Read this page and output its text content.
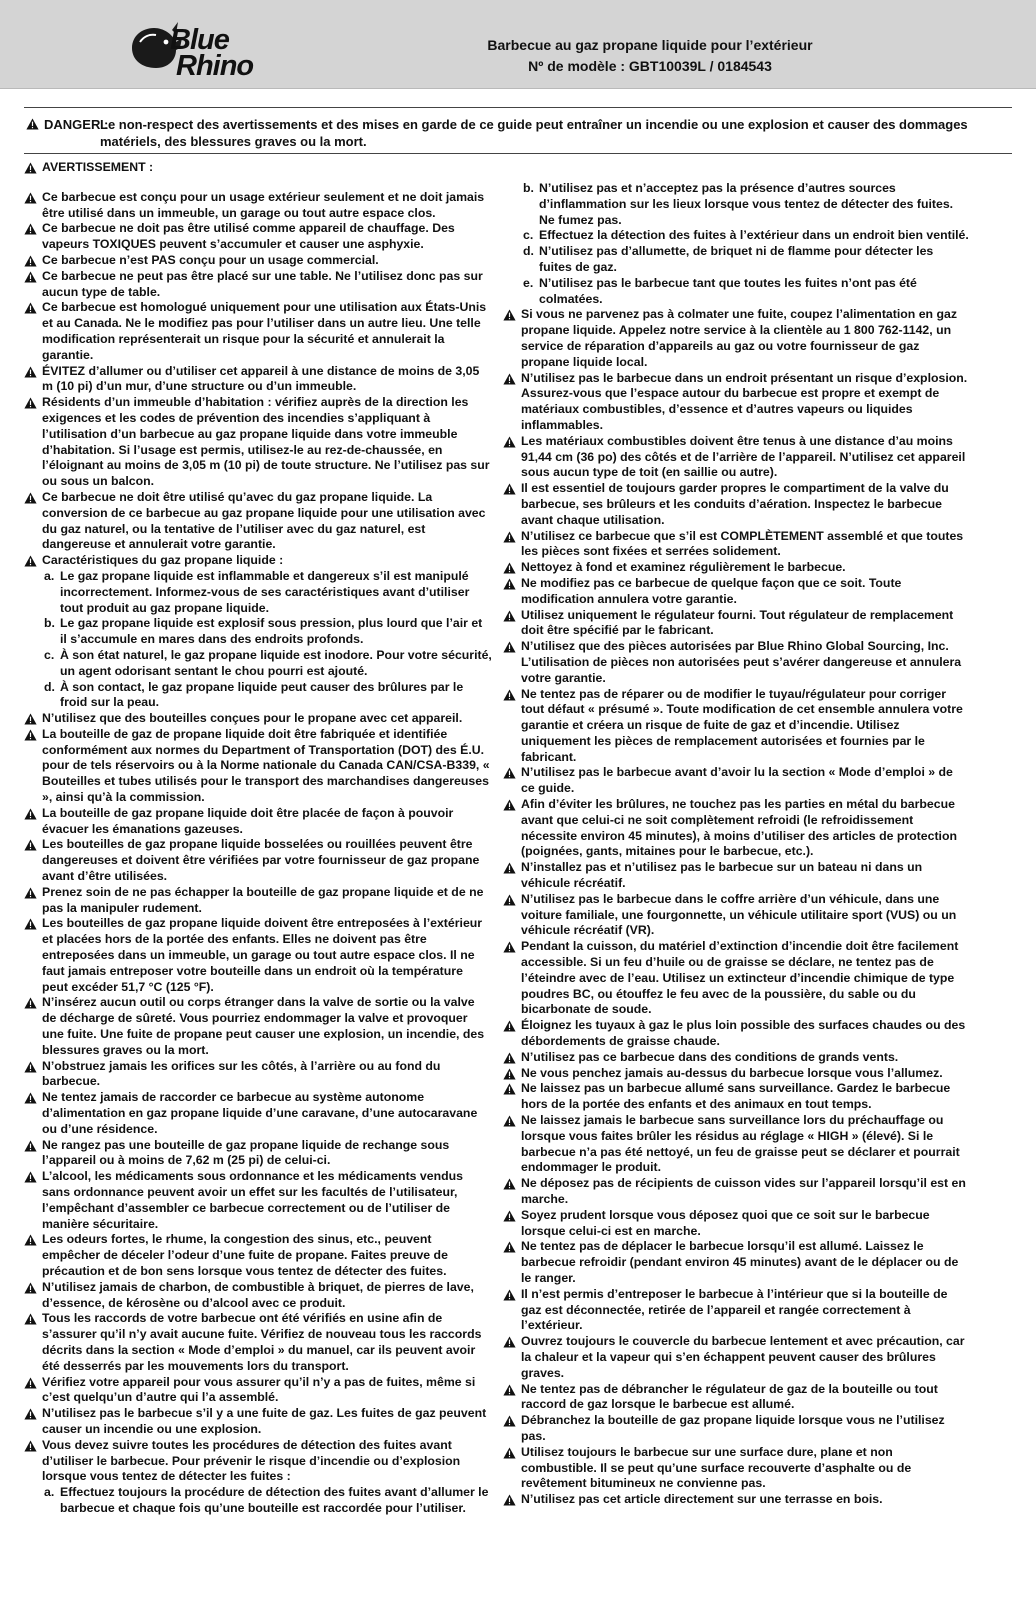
Blue
Rhino
Barbecue au gaz propane liquide pour l’extérieur
Nº de modèle : GBT10039L / 0184543
DANGER :
Le non-respect des avertissements et des mises en garde de ce guide peut entraîner un incendie ou une explosion et causer des dommages matériels, des blessures graves ou la mort.
AVERTISSEMENT :

Ce barbecue est conçu pour un usage extérieur seulement et ne doit jamais être utilisé dans un immeuble, un garage ou tout autre espace clos.

Ce barbecue ne doit pas être utilisé comme appareil de chauffage. Des vapeurs TOXIQUES peuvent s’accumuler et causer une asphyxie.

Ce barbecue n’est PAS conçu pour un usage commercial.

Ce barbecue ne peut pas être placé sur une table. Ne l’utilisez donc pas sur aucun type de table.

Ce barbecue est homologué uniquement pour une utilisation aux États-Unis et au Canada. Ne le modifiez pas pour l’utiliser dans un autre lieu. Une telle modification représenterait un risque pour la sécurité et annulerait la garantie.

ÉVITEZ d’allumer ou d’utiliser cet appareil à une distance de moins de 3,05 m (10 pi) d’un mur, d’une structure ou d’un immeuble.

Résidents d’un immeuble d’habitation : vérifiez auprès de la direction les exigences et les codes de prévention des incendies s’appliquant à l’utilisation d’un barbecue au gaz propane liquide dans votre immeuble d’habitation. Si l’usage est permis, utilisez-le au rez-de-chaussée, en l’éloignant au moins de 3,05 m (10 pi) de toute structure. Ne l’utilisez pas sur ou sous un balcon.

Ce barbecue ne doit être utilisé qu’avec du gaz propane liquide. La conversion de ce barbecue au gaz propane liquide pour une utilisation avec du gaz naturel, ou la tentative de l’utiliser avec du gaz naturel, est dangereuse et annulerait votre garantie.

Caractéristiques du gaz propane liquide :

a. Le gaz propane liquide est inflammable et dangereux s’il est manipulé incorrectement. Informez-vous de ses caractéristiques avant d’utiliser tout produit au gaz propane liquide.

b. Le gaz propane liquide est explosif sous pression, plus lourd que l’air et il s’accumule en mares dans des endroits profonds.

c. À son état naturel, le gaz propane liquide est inodore. Pour votre sécurité, un agent odorisant sentant le chou pourri est ajouté.

d. À son contact, le gaz propane liquide peut causer des brûlures par le froid sur la peau.

N’utilisez que des bouteilles conçues pour le propane avec cet appareil.

La bouteille de gaz de propane liquide doit être fabriquée et identifiée conformément aux normes du Department of Transportation (DOT) des É.U. pour de tels réservoirs ou à la Norme nationale du Canada CAN/CSA-B339, « Bouteilles et tubes utilisés pour le transport des marchandises dangereuses », ainsi qu’à la commission.

La bouteille de gaz propane liquide doit être placée de façon à pouvoir évacuer les émanations gazeuses.

Les bouteilles de gaz propane liquide bosselées ou rouillées peuvent être dangereuses et doivent être vérifiées par votre fournisseur de gaz propane avant d’être utilisées.

Prenez soin de ne pas échapper la bouteille de gaz propane liquide et de ne pas la manipuler rudement.

Les bouteilles de gaz propane liquide doivent être entreposées à l’extérieur et placées hors de la portée des enfants. Elles ne doivent pas être entreposées dans un immeuble, un garage ou tout autre espace clos. Il ne faut jamais entreposer votre bouteille dans un endroit où la température peut excéder 51,7 °C (125 °F).

N’insérez aucun outil ou corps étranger dans la valve de sortie ou la valve de décharge de sûreté. Vous pourriez endommager la valve et provoquer une fuite. Une fuite de propane peut causer une explosion, un incendie, des blessures graves ou la mort.

N’obstruez jamais les orifices sur les côtés, à l’arrière ou au fond du barbecue.

Ne tentez jamais de raccorder ce barbecue au système autonome d’alimentation en gaz propane liquide d’une caravane, d’une autocaravane ou d’une résidence.

Ne rangez pas une bouteille de gaz propane liquide de rechange sous l’appareil ou à moins de 7,62 m (25 pi) de celui-ci.

L’alcool, les médicaments sous ordonnance et les médicaments vendus sans ordonnance peuvent avoir un effet sur les facultés de l’utilisateur, l’empêchant d’assembler ce barbecue correctement ou de l’utiliser de manière sécuritaire.

Les odeurs fortes, le rhume, la congestion des sinus, etc., peuvent empêcher de déceler l’odeur d’une fuite de propane. Faites preuve de précaution et de bon sens lorsque vous tentez de détecter des fuites.

N’utilisez jamais de charbon, de combustible à briquet, de pierres de lave, d’essence, de kérosène ou d’alcool avec ce produit.

Tous les raccords de votre barbecue ont été vérifiés en usine afin de s’assurer qu’il n’y avait aucune fuite. Vérifiez de nouveau tous les raccords décrits dans la section « Mode d’emploi » du manuel, car ils peuvent avoir été desserrés par les mouvements lors du transport.

Vérifiez votre appareil pour vous assurer qu’il n’y a pas de fuites, même si c’est quelqu’un d’autre qui l’a assemblé.

N’utilisez pas le barbecue s’il y a une fuite de gaz. Les fuites de gaz peuvent causer un incendie ou une explosion.

Vous devez suivre toutes les procédures de détection des fuites avant d’utiliser le barbecue. Pour prévenir le risque d’incendie ou d’explosion lorsque vous tentez de détecter les fuites :

a. Effectuez toujours la procédure de détection des fuites avant d’allumer le barbecue et chaque fois qu’une bouteille est raccordée pour l’utiliser.

b. N’utilisez pas et n’acceptez pas la présence d’autres sources d’inflammation sur les lieux lorsque vous tentez de détecter des fuites. Ne fumez pas.

c. Effectuez la détection des fuites à l’extérieur dans un endroit bien ventilé.

d. N’utilisez pas d’allumette, de briquet ni de flamme pour détecter les fuites de gaz.

e. N’utilisez pas le barbecue tant que toutes les fuites n’ont pas été colmatées.

Si vous ne parvenez pas à colmater une fuite, coupez l’alimentation en gaz propane liquide. Appelez notre service à la clientèle au 1 800 762-1142, un service de réparation d’appareils au gaz ou votre fournisseur de gaz propane liquide local.

N’utilisez pas le barbecue dans un endroit présentant un risque d’explosion. Assurez-vous que l’espace autour du barbecue est propre et exempt de matériaux combustibles, d’essence et d’autres vapeurs ou liquides inflammables.

Les matériaux combustibles doivent être tenus à une distance d’au moins 91,44 cm (36 po) des côtés et de l’arrière de l’appareil. N’utilisez cet appareil sous aucun type de toit (en saillie ou autre).

Il est essentiel de toujours garder propres le compartiment de la valve du barbecue, ses brûleurs et les conduits d’aération. Inspectez le barbecue avant chaque utilisation.

N’utilisez ce barbecue que s’il est COMPLÈTEMENT assemblé et que toutes les pièces sont fixées et serrées solidement.

Nettoyez à fond et examinez régulièrement le barbecue.

Ne modifiez pas ce barbecue de quelque façon que ce soit. Toute modification annulera votre garantie.

Utilisez uniquement le régulateur fourni. Tout régulateur de remplacement doit être spécifié par le fabricant.

N’utilisez que des pièces autorisées par Blue Rhino Global Sourcing, Inc. L’utilisation de pièces non autorisées peut s’avérer dangereuse et annulera votre garantie.

Ne tentez pas de réparer ou de modifier le tuyau/régulateur pour corriger tout défaut « présumé ». Toute modification de cet ensemble annulera votre garantie et créera un risque de fuite de gaz et d’incendie. Utilisez uniquement les pièces de remplacement autorisées et fournies par le fabricant.

N’utilisez pas le barbecue avant d’avoir lu la section « Mode d’emploi » de ce guide.

Afin d’éviter les brûlures, ne touchez pas les parties en métal du barbecue avant que celui-ci ne soit complètement refroidi (le refroidissement nécessite environ 45 minutes), à moins d’utiliser des articles de protection (poignées, gants, mitaines pour le barbecue, etc.).

N’installez pas et n’utilisez pas le barbecue sur un bateau ni dans un véhicule récréatif.

N’utilisez pas le barbecue dans le coffre arrière d’un véhicule, dans une voiture familiale, une fourgonnette, un véhicule utilitaire sport (VUS) ou un véhicule récréatif (VR).

Pendant la cuisson, du matériel d’extinction d’incendie doit être facilement accessible. Si un feu d’huile ou de graisse se déclare, ne tentez pas de l’éteindre avec de l’eau. Utilisez un extincteur d’incendie chimique de type poudres BC, ou étouffez le feu avec de la poussière, du sable ou du bicarbonate de soude.

Éloignez les tuyaux à gaz le plus loin possible des surfaces chaudes ou des débordements de graisse chaude.

N’utilisez pas ce barbecue dans des conditions de grands vents.

Ne vous penchez jamais au-dessus du barbecue lorsque vous l’allumez.

Ne laissez pas un barbecue allumé sans surveillance. Gardez le barbecue hors de la portée des enfants et des animaux en tout temps.

Ne laissez jamais le barbecue sans surveillance lors du préchauffage ou lorsque vous faites brûler les résidus au réglage « HIGH » (élevé). Si le barbecue n’a pas été nettoyé, un feu de graisse peut se déclarer et pourrait endommager le produit.

Ne déposez pas de récipients de cuisson vides sur l’appareil lorsqu’il est en marche.

Soyez prudent lorsque vous déposez quoi que ce soit sur le barbecue lorsque celui-ci est en marche.

Ne tentez pas de déplacer le barbecue lorsqu’il est allumé. Laissez le barbecue refroidir (pendant environ 45 minutes) avant de le déplacer ou de le ranger.

Il n’est permis d’entreposer le barbecue à l’intérieur que si la bouteille de gaz est déconnectée, retirée de l’appareil et rangée correctement à l’extérieur.

Ouvrez toujours le couvercle du barbecue lentement et avec précaution, car la chaleur et la vapeur qui s’en échappent peuvent causer des brûlures graves.

Ne tentez pas de débrancher le régulateur de gaz de la bouteille ou tout raccord de gaz lorsque le barbecue est allumé.

Débranchez la bouteille de gaz propane liquide lorsque vous ne l’utilisez pas.

Utilisez toujours le barbecue sur une surface dure, plane et non combustible. Il se peut qu’une surface recouverte d’asphalte ou de revêtement bitumineux ne convienne pas.

N’utilisez pas cet article directement sur une terrasse en bois.
